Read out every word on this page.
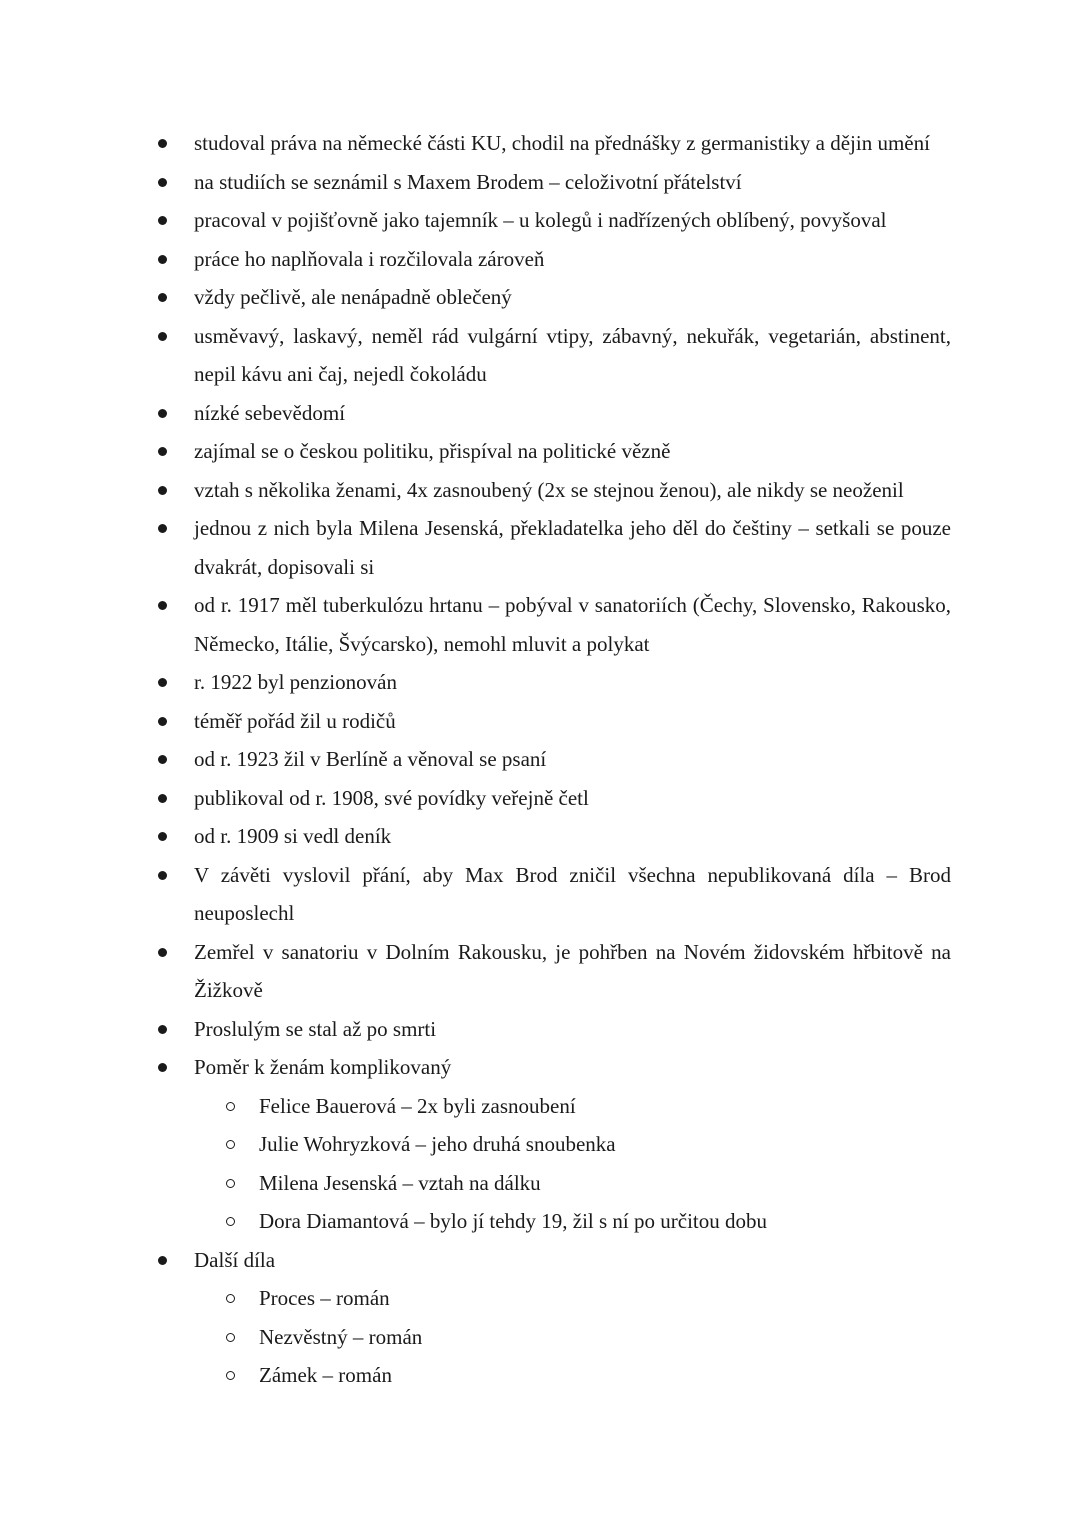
studoval práva na německé části KU, chodil na přednášky z germanistiky a dějin umění
na studiích se seznámil s Maxem Brodem – celoživotní přátelství
pracoval v pojišťovně jako tajemník – u kolegů i nadřízených oblíbený, povyšoval
práce ho naplňovala i rozčilovala zároveň
vždy pečlivě, ale nenápadně oblečený
usměvavý, laskavý, neměl rád vulgární vtipy, zábavný, nekuřák, vegetarián, abstinent, nepil kávu ani čaj, nejedl čokoládu
nízké sebevědomí
zajímal se o českou politiku, přispíval na politické vězně
vztah s několika ženami, 4x zasnoubený (2x se stejnou ženou), ale nikdy se neoženil
jednou z nich byla Milena Jesenská, překladatelka jeho děl do češtiny – setkali se pouze dvakrát, dopisovali si
od r. 1917 měl tuberkulózu hrtanu – pobýval v sanatoriích (Čechy, Slovensko, Rakousko, Německo, Itálie, Švýcarsko), nemohl mluvit a polykat
r. 1922 byl penzionován
téměř pořád žil u rodičů
od r. 1923 žil v Berlíně a věnoval se psaní
publikoval od r. 1908, své povídky veřejně četl
od r. 1909 si vedl deník
V závěti vyslovil přání, aby Max Brod zničil všechna nepublikovaná díla – Brod neuposlechl
Zemřel v sanatoriu v Dolním Rakousku, je pohřben na Novém židovském hřbitově na Žižkově
Proslulým se stal až po smrti
Poměr k ženám komplikovaný
Felice Bauerová – 2x byli zasnoubení
Julie Wohryzková – jeho druhá snoubenka
Milena Jesenská – vztah na dálku
Dora Diamantová – bylo jí tehdy 19, žil s ní po určitou dobu
Další díla
Proces – román
Nezvěstný – román
Zámek – román
